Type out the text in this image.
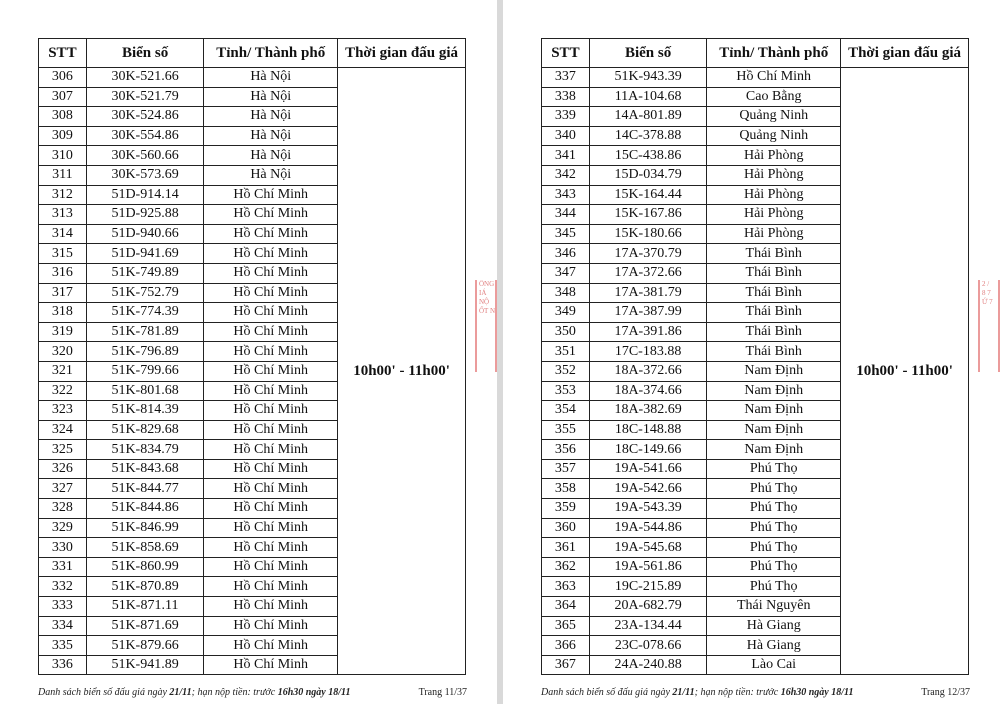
STT	Biển số	Tỉnh/ Thành phố	Thời gian đấu giá
306	30K-521.66	Hà Nội	10h00' - 11h00'
307	30K-521.79	Hà Nội	
308	30K-524.86	Hà Nội	
309	30K-554.86	Hà Nội	
310	30K-560.66	Hà Nội	
311	30K-573.69	Hà Nội	
312	51D-914.14	Hồ Chí Minh	
313	51D-925.88	Hồ Chí Minh	
314	51D-940.66	Hồ Chí Minh	
315	51D-941.69	Hồ Chí Minh	
316	51K-749.89	Hồ Chí Minh	
317	51K-752.79	Hồ Chí Minh	
318	51K-774.39	Hồ Chí Minh	
319	51K-781.89	Hồ Chí Minh	
320	51K-796.89	Hồ Chí Minh	
321	51K-799.66	Hồ Chí Minh	
322	51K-801.68	Hồ Chí Minh	
323	51K-814.39	Hồ Chí Minh	
324	51K-829.68	Hồ Chí Minh	
325	51K-834.79	Hồ Chí Minh	
326	51K-843.68	Hồ Chí Minh	
327	51K-844.77	Hồ Chí Minh	
328	51K-844.86	Hồ Chí Minh	
329	51K-846.99	Hồ Chí Minh	
330	51K-858.69	Hồ Chí Minh	
331	51K-860.99	Hồ Chí Minh	
332	51K-870.89	Hồ Chí Minh	
333	51K-871.11	Hồ Chí Minh	
334	51K-871.69	Hồ Chí Minh	
335	51K-879.66	Hồ Chí Minh	
336	51K-941.89	Hồ Chí Minh	
ỐNG
IÁ NỘ
ỐT N
Danh sách biển số đấu giá ngày 21/11; hạn nộp tiền: trước 16h30 ngày 18/11	Trang 11/37
STT	Biển số	Tỉnh/ Thành phố	Thời gian đấu giá
337	51K-943.39	Hồ Chí Minh	10h00' - 11h00'
338	11A-104.68	Cao Bằng	
339	14A-801.89	Quảng Ninh	
340	14C-378.88	Quảng Ninh	
341	15C-438.86	Hải Phòng	
342	15D-034.79	Hải Phòng	
343	15K-164.44	Hải Phòng	
344	15K-167.86	Hải Phòng	
345	15K-180.66	Hải Phòng	
346	17A-370.79	Thái Bình	
347	17A-372.66	Thái Bình	
348	17A-381.79	Thái Bình	
349	17A-387.99	Thái Bình	
350	17A-391.86	Thái Bình	
351	17C-183.88	Thái Bình	
352	18A-372.66	Nam Định	
353	18A-374.66	Nam Định	
354	18A-382.69	Nam Định	
355	18C-148.88	Nam Định	
356	18C-149.66	Nam Định	
357	19A-541.66	Phú Thọ	
358	19A-542.66	Phú Thọ	
359	19A-543.39	Phú Thọ	
360	19A-544.86	Phú Thọ	
361	19A-545.68	Phú Thọ	
362	19A-561.86	Phú Thọ	
363	19C-215.89	Phú Thọ	
364	20A-682.79	Thái Nguyên	
365	23A-134.44	Hà Giang	
366	23C-078.66	Hà Giang	
367	24A-240.88	Lào Cai	
2 /
8 7
Ứ 7
Danh sách biển số đấu giá ngày 21/11; hạn nộp tiền: trước 16h30 ngày 18/11	Trang 12/37
